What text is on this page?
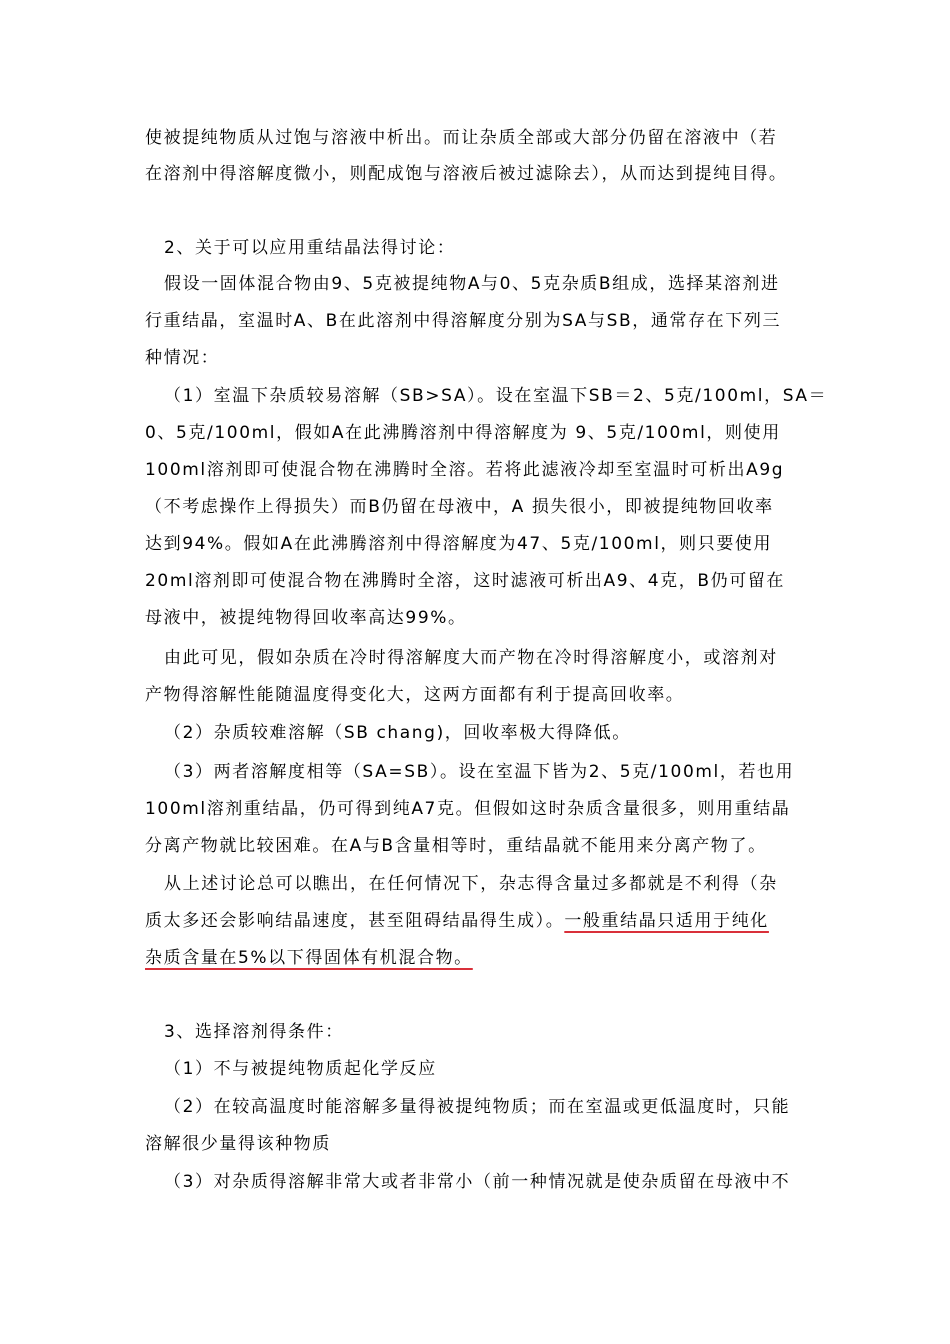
使被提纯物质从过饱与溶液中析出。而让杂质全部或大部分仍留在溶液中（若
在溶剂中得溶解度微小，则配成饱与溶液后被过滤除去），从而达到提纯目得。
2、关于可以应用重结晶法得讨论：
假设一固体混合物由9、5克被提纯物A与0、5克杂质B组成，选择某溶剂进
行重结晶，室温时A、B在此溶剂中得溶解度分别为SA与SB，通常存在下列三
种情况：
（1）室温下杂质较易溶解（SB>SA）。设在室温下SB＝2、5克/100ml，SA＝
0、5克/100ml，假如A在此沸腾溶剂中得溶解度为 9、5克/100ml，则使用
100ml溶剂即可使混合物在沸腾时全溶。若将此滤液冷却至室温时可析出A9g
（不考虑操作上得损失）而B仍留在母液中，A 损失很小，即被提纯物回收率
达到94%。假如A在此沸腾溶剂中得溶解度为47、5克/100ml，则只要使用
20ml溶剂即可使混合物在沸腾时全溶，这时滤液可析出A9、4克，B仍可留在
母液中，被提纯物得回收率高达99%。
由此可见，假如杂质在冷时得溶解度大而产物在冷时得溶解度小，或溶剂对
产物得溶解性能随温度得变化大，这两方面都有利于提高回收率。
（2）杂质较难溶解（SB chang)，回收率极大得降低。
（3）两者溶解度相等（SA=SB）。设在室温下皆为2、5克/100ml，若也用
100ml溶剂重结晶，仍可得到纯A7克。但假如这时杂质含量很多，则用重结晶
分离产物就比较困难。在A与B含量相等时，重结晶就不能用来分离产物了。
从上述讨论总可以瞧出，在任何情况下，杂志得含量过多都就是不利得（杂
质太多还会影响结晶速度，甚至阻碍结晶得生成）。一般重结晶只适用于纯化
杂质含量在5%以下得固体有机混合物。
3、选择溶剂得条件：
（1）不与被提纯物质起化学反应
（2）在较高温度时能溶解多量得被提纯物质；而在室温或更低温度时，只能
溶解很少量得该种物质
（3）对杂质得溶解非常大或者非常小（前一种情况就是使杂质留在母液中不
